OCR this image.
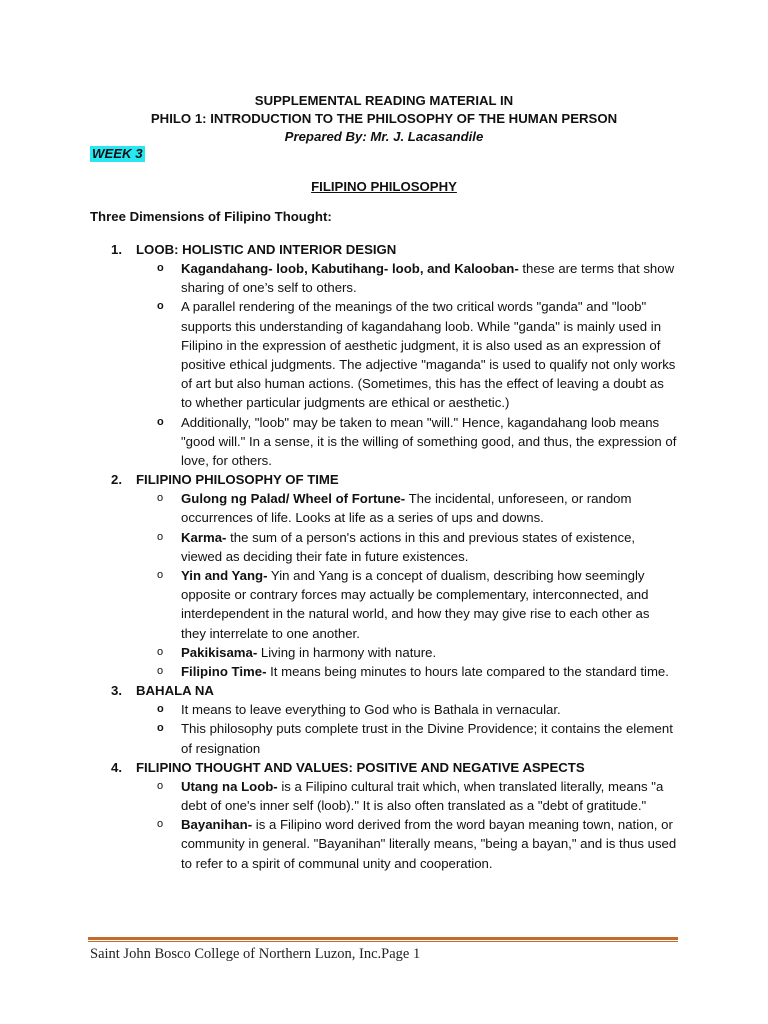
SUPPLEMENTAL READING MATERIAL IN
PHILO 1: INTRODUCTION TO THE PHILOSOPHY OF THE HUMAN PERSON
Prepared By: Mr. J. Lacasandile
WEEK 3
FILIPINO PHILOSOPHY
Three Dimensions of Filipino Thought:
1. LOOB: HOLISTIC AND INTERIOR DESIGN
o Kagandahang- loob, Kabutihang- loob, and Kalooban- these are terms that show sharing of one’s self to others.
o A parallel rendering of the meanings of the two critical words "ganda" and "loob" supports this understanding of kagandahang loob. While "ganda" is mainly used in Filipino in the expression of aesthetic judgment, it is also used as an expression of positive ethical judgments. The adjective "maganda" is used to qualify not only works of art but also human actions. (Sometimes, this has the effect of leaving a doubt as to whether particular judgments are ethical or aesthetic.)
o Additionally, "loob" may be taken to mean "will." Hence, kagandahang loob means "good will." In a sense, it is the willing of something good, and thus, the expression of love, for others.
2. FILIPINO PHILOSOPHY OF TIME
o Gulong ng Palad/ Wheel of Fortune- The incidental, unforeseen, or random occurrences of life. Looks at life as a series of ups and downs.
o Karma- the sum of a person's actions in this and previous states of existence, viewed as deciding their fate in future existences.
o Yin and Yang- Yin and Yang is a concept of dualism, describing how seemingly opposite or contrary forces may actually be complementary, interconnected, and interdependent in the natural world, and how they may give rise to each other as they interrelate to one another.
o Pakikisama- Living in harmony with nature.
o Filipino Time- It means being minutes to hours late compared to the standard time.
3. BAHALA NA
o It means to leave everything to God who is Bathala in vernacular.
o This philosophy puts complete trust in the Divine Providence; it contains the element of resignation
4. FILIPINO THOUGHT AND VALUES: POSITIVE AND NEGATIVE ASPECTS
o Utang na Loob- is a Filipino cultural trait which, when translated literally, means "a debt of one's inner self (loob)." It is also often translated as a "debt of gratitude."
o Bayanihan- is a Filipino word derived from the word bayan meaning town, nation, or community in general. "Bayanihan" literally means, "being a bayan," and is thus used to refer to a spirit of communal unity and cooperation.
Saint John Bosco College of Northern Luzon, Inc.Page 1
